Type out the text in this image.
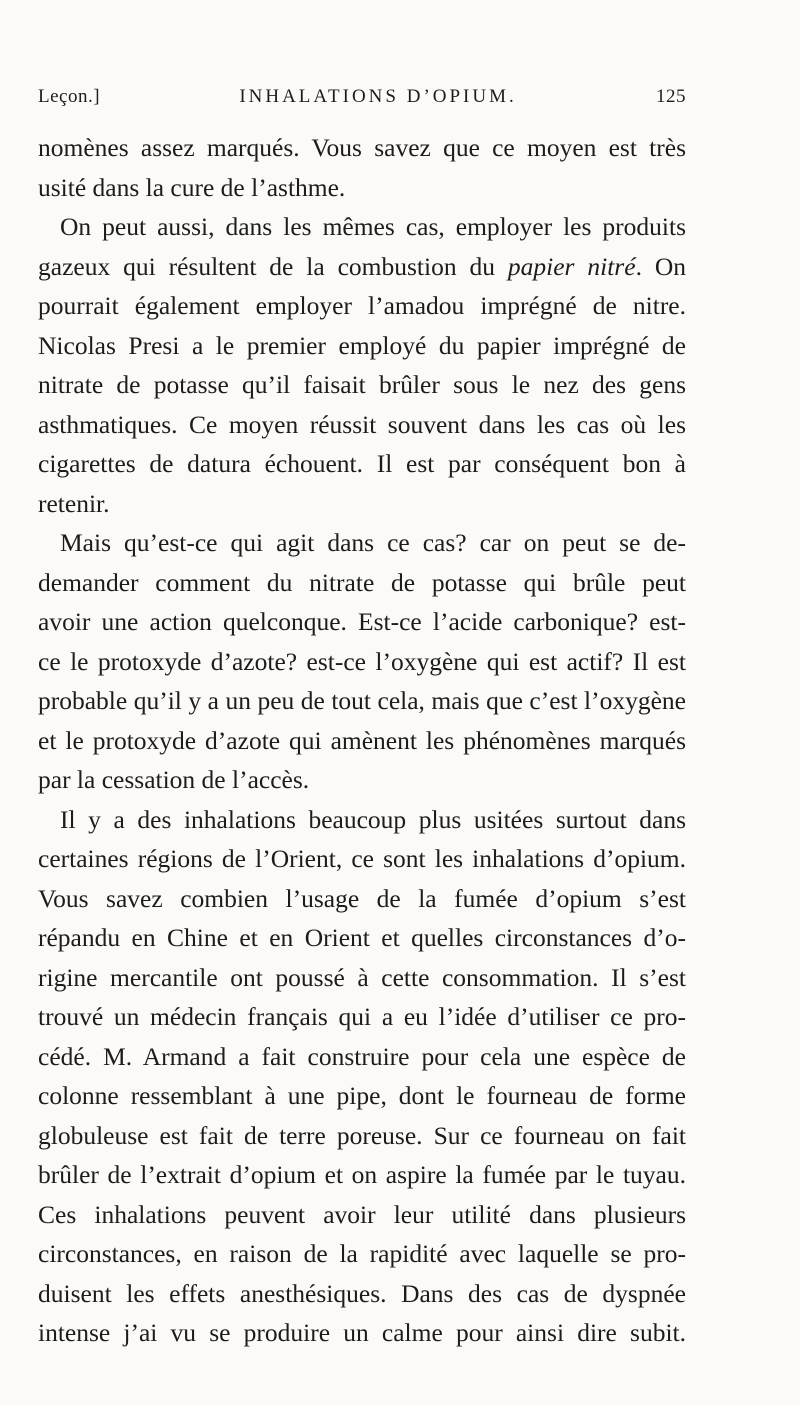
Leçon.]	INHALATIONS D’OPIUM.	125
nomènes assez marqués. Vous savez que ce moyen est très
usité dans la cure de l’asthme.
On peut aussi, dans les mêmes cas, employer les produits
gazeux qui résultent de la combustion du papier nitré. On
pourrait également employer l’amadou imprégné de nitre.
Nicolas Presi a le premier employé du papier imprégné de
nitrate de potasse qu’il faisait brûler sous le nez des gens
asthmatiques. Ce moyen réussit souvent dans les cas où les
cigarettes de datura échouent. Il est par conséquent bon à
retenir.
Mais qu’est-ce qui agit dans ce cas? car on peut se de-
demander comment du nitrate de potasse qui brûle peut
avoir une action quelconque. Est-ce l’acide carbonique? est-
ce le protoxyde d’azote? est-ce l’oxygène qui est actif? Il est
probable qu’il y a un peu de tout cela, mais que c’est l’oxygène
et le protoxyde d’azote qui amènent les phénomènes marqués
par la cessation de l’accès.
Il y a des inhalations beaucoup plus usitées surtout dans
certaines régions de l’Orient, ce sont les inhalations d’opium.
Vous savez combien l’usage de la fumée d’opium s’est
répandu en Chine et en Orient et quelles circonstances d’o-
rigine mercantile ont poussé à cette consommation. Il s’est
trouvé un médecin français qui a eu l’idée d’utiliser ce pro-
cédé. M. Armand a fait construire pour cela une espèce de
colonne ressemblant à une pipe, dont le fourneau de forme
globuleuse est fait de terre poreuse. Sur ce fourneau on fait
brûler de l’extrait d’opium et on aspire la fumée par le tuyau.
Ces inhalations peuvent avoir leur utilité dans plusieurs
circonstances, en raison de la rapidité avec laquelle se pro-
duisent les effets anesthésiques. Dans des cas de dyspnée
intense j’ai vu se produire un calme pour ainsi dire subit.
